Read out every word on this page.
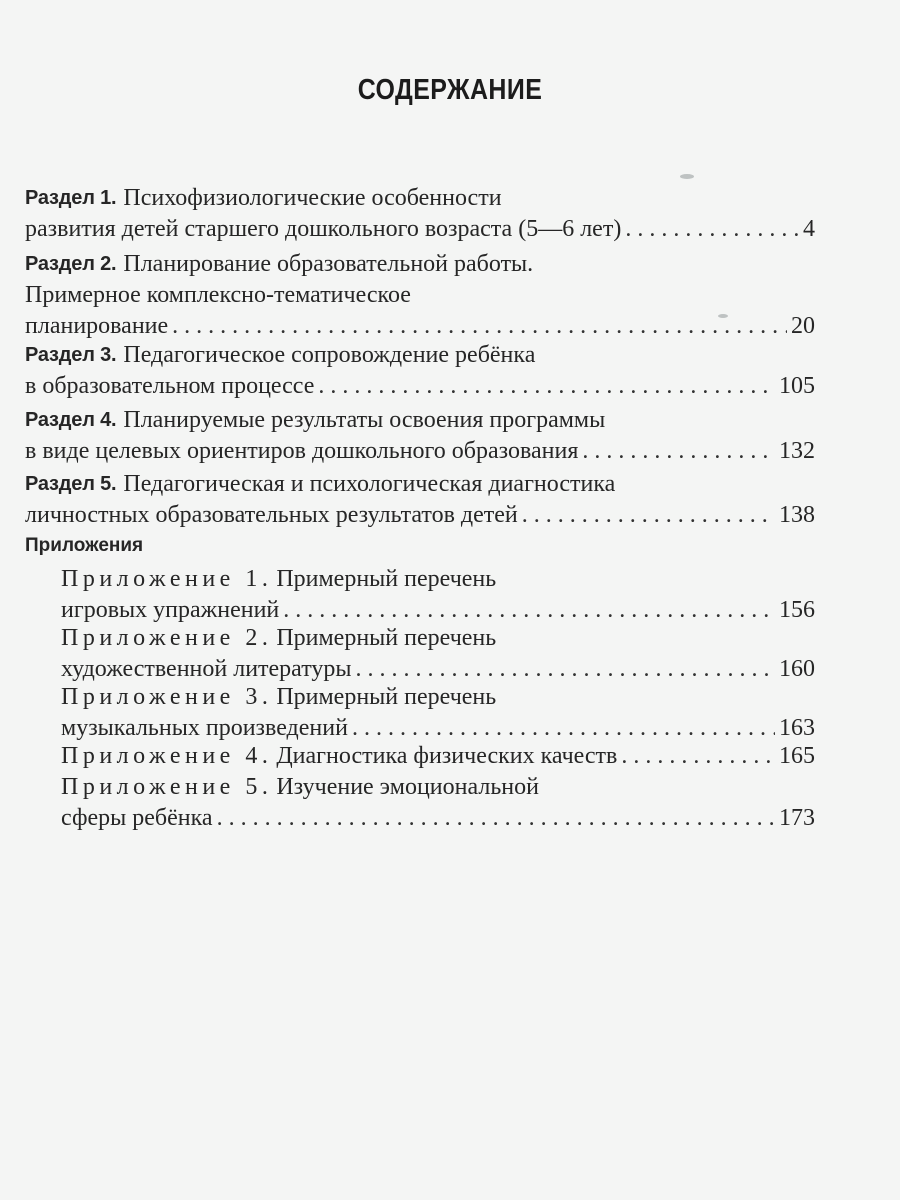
СОДЕРЖАНИЕ
Раздел 1. Психофизиологические особенности
развития детей старшего дошкольного возраста (5—6 лет) . . .	4
Раздел 2. Планирование образовательной работы.
Примерное комплексно-тематическое
планирование . . .	20
Раздел 3. Педагогическое сопровождение ребёнка
в образовательном процессе . . .	105
Раздел 4. Планируемые результаты освоения программы
в виде целевых ориентиров дошкольного образования . . .	132
Раздел 5. Педагогическая и психологическая диагностика
личностных образовательных результатов детей . . .	138
Приложения
Приложение 1. Примерный перечень
игровых упражнений . . .	156
Приложение 2. Примерный перечень
художественной литературы . . .	160
Приложение 3. Примерный перечень
музыкальных произведений . . .	163
Приложение 4. Диагностика физических качеств . . .	165
Приложение 5. Изучение эмоциональной
сферы ребёнка . . .	173
